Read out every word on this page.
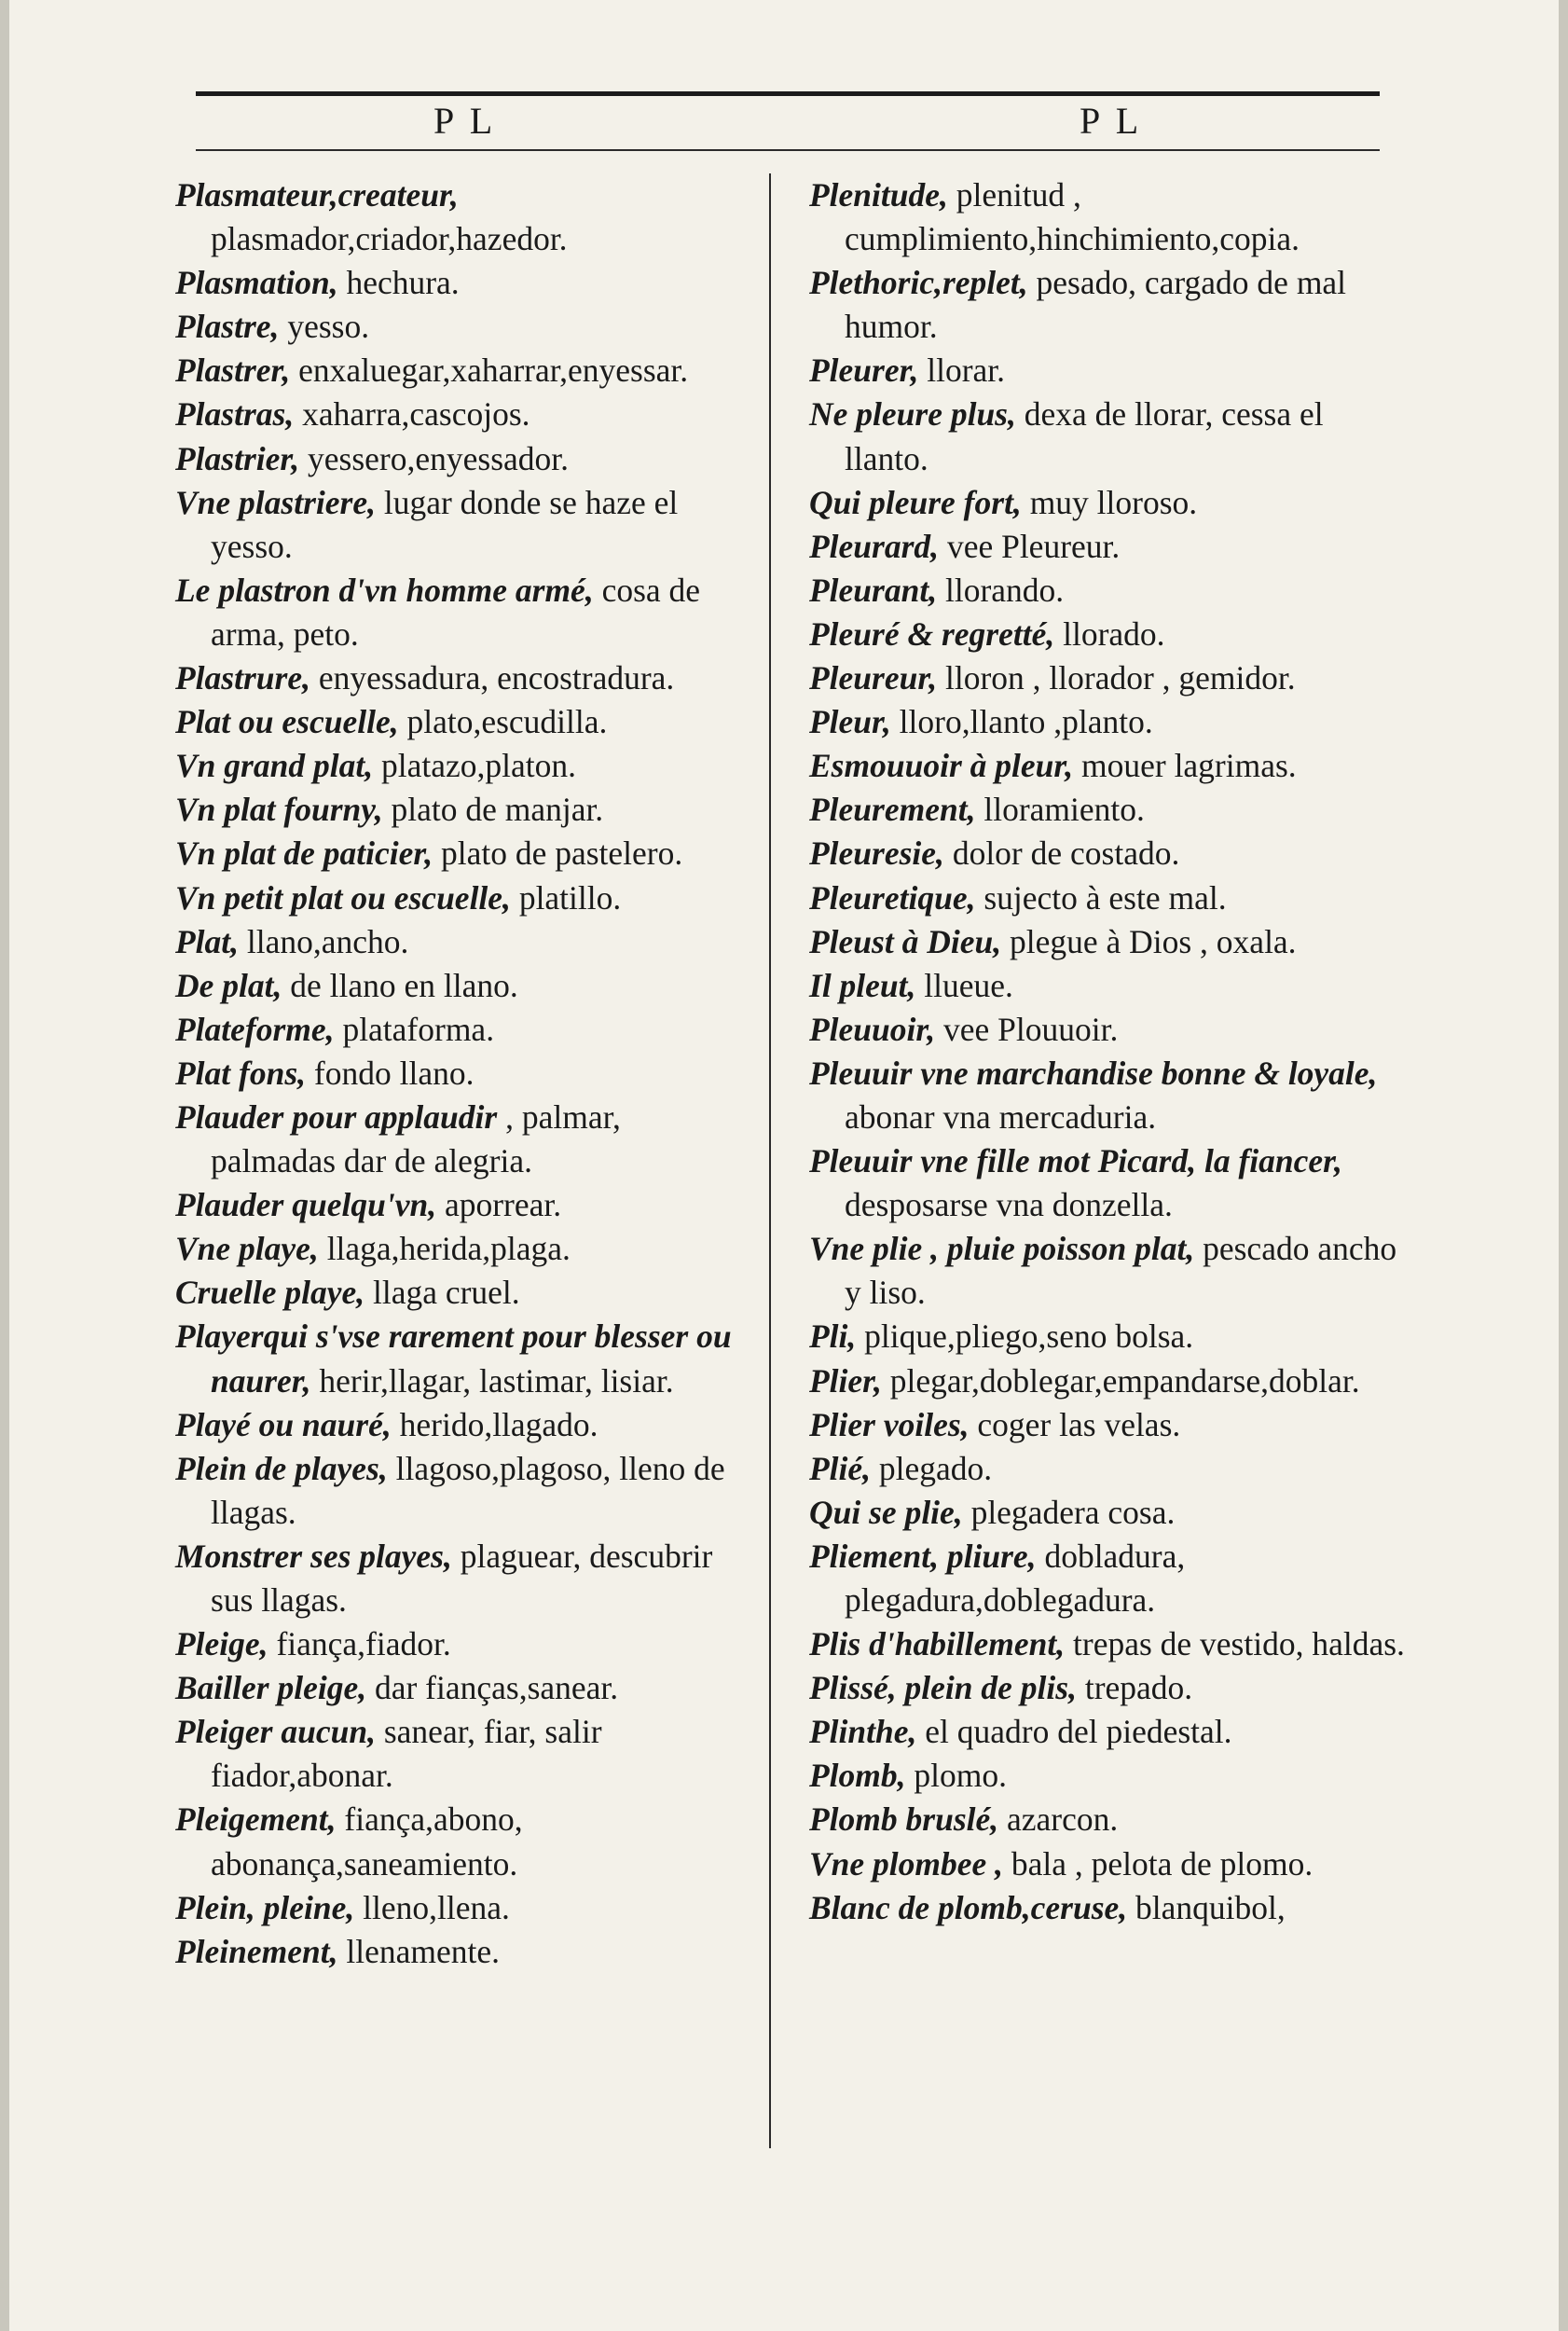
P L	P L
Plasmateur,createur, plasmador,criador,hazedor.
Plasmation, hechura.
Plastre, yesso.
Plastrer, enxaluegar,xaharrar,enyessar.
Plastras, xaharra,cascojos.
Plastrier, yessero,enyessador.
Vne plastriere, lugar donde se haze el yesso.
Le plastron d'vn homme armé, cosa de arma, peto.
Plastrure, enyessadura, encostradura.
Plat ou escuelle, plato,escudilla.
Vn grand plat, platazo,platon.
Vn plat fourny, plato de manjar.
Vn plat de paticier, plato de pastelero.
Vn petit plat ou escuelle, platillo.
Plat, llano,ancho.
De plat, de llano en llano.
Plateforme, plataforma.
Plat fons, fondo llano.
Plauder pour applaudir , palmar, palmadas dar de alegria.
Plauder quelqu'vn, aporrear.
Vne playe, llaga,herida,plaga.
Cruelle playe, llaga cruel.
Playerqui s'vse rarement pour blesser ou naurer, herir,llagar, lastimar, lisiar.
Playé ou nauré, herido,llagado.
Plein de playes, llagoso,plagoso, lleno de llagas.
Monstrer ses playes, plaguear, descubrir sus llagas.
Pleige, fiança,fiador.
Bailler pleige, dar fianças,sanear.
Pleiger aucun, sanear, fiar, salir fiador,abonar.
Pleigement, fiança,abono, abonança,saneamiento.
Plein, pleine, lleno,llena.
Pleinement, llenamente.
Plenitude, plenitud , cumplimiento,hinchimiento,copia.
Plethoric,replet, pesado, cargado de mal humor.
Pleurer, llorar.
Ne pleure plus, dexa de llorar, cessa el llanto.
Qui pleure fort, muy lloroso.
Pleurard, vee Pleureur.
Pleurant, llorando.
Pleuré & regretté, llorado.
Pleureur, lloron , llorador , gemidor.
Pleur, lloro,llanto ,planto.
Esmouuoir à pleur, mouer lagrimas.
Pleurement, lloramiento.
Pleuresie, dolor de costado.
Pleuretique, sujecto à este mal.
Pleust à Dieu, plegue à Dios , oxala.
Il pleut, llueue.
Pleuuoir, vee Plouuoir.
Pleuuir vne marchandise bonne & loyale, abonar vna mercaduria.
Pleuuir vne fille mot Picard, la fiancer, desposarse vna donzella.
Vne plie , pluie poisson plat, pescado ancho y liso.
Pli, plique,pliego,seno bolsa.
Plier, plegar,doblegar,empandarse,doblar.
Plier voiles, coger las velas.
Plié, plegado.
Qui se plie, plegadera cosa.
Pliement, pliure, dobladura, plegadura,doblegadura.
Plis d'habillement, trepas de vestido, haldas.
Plissé, plein de plis, trepado.
Plinthe, el quadro del piedestal.
Plomb, plomo.
Plomb bruslé, azarcon.
Vne plombee , bala , pelota de plomo.
Blanc de plomb,ceruse, blanquibol,
